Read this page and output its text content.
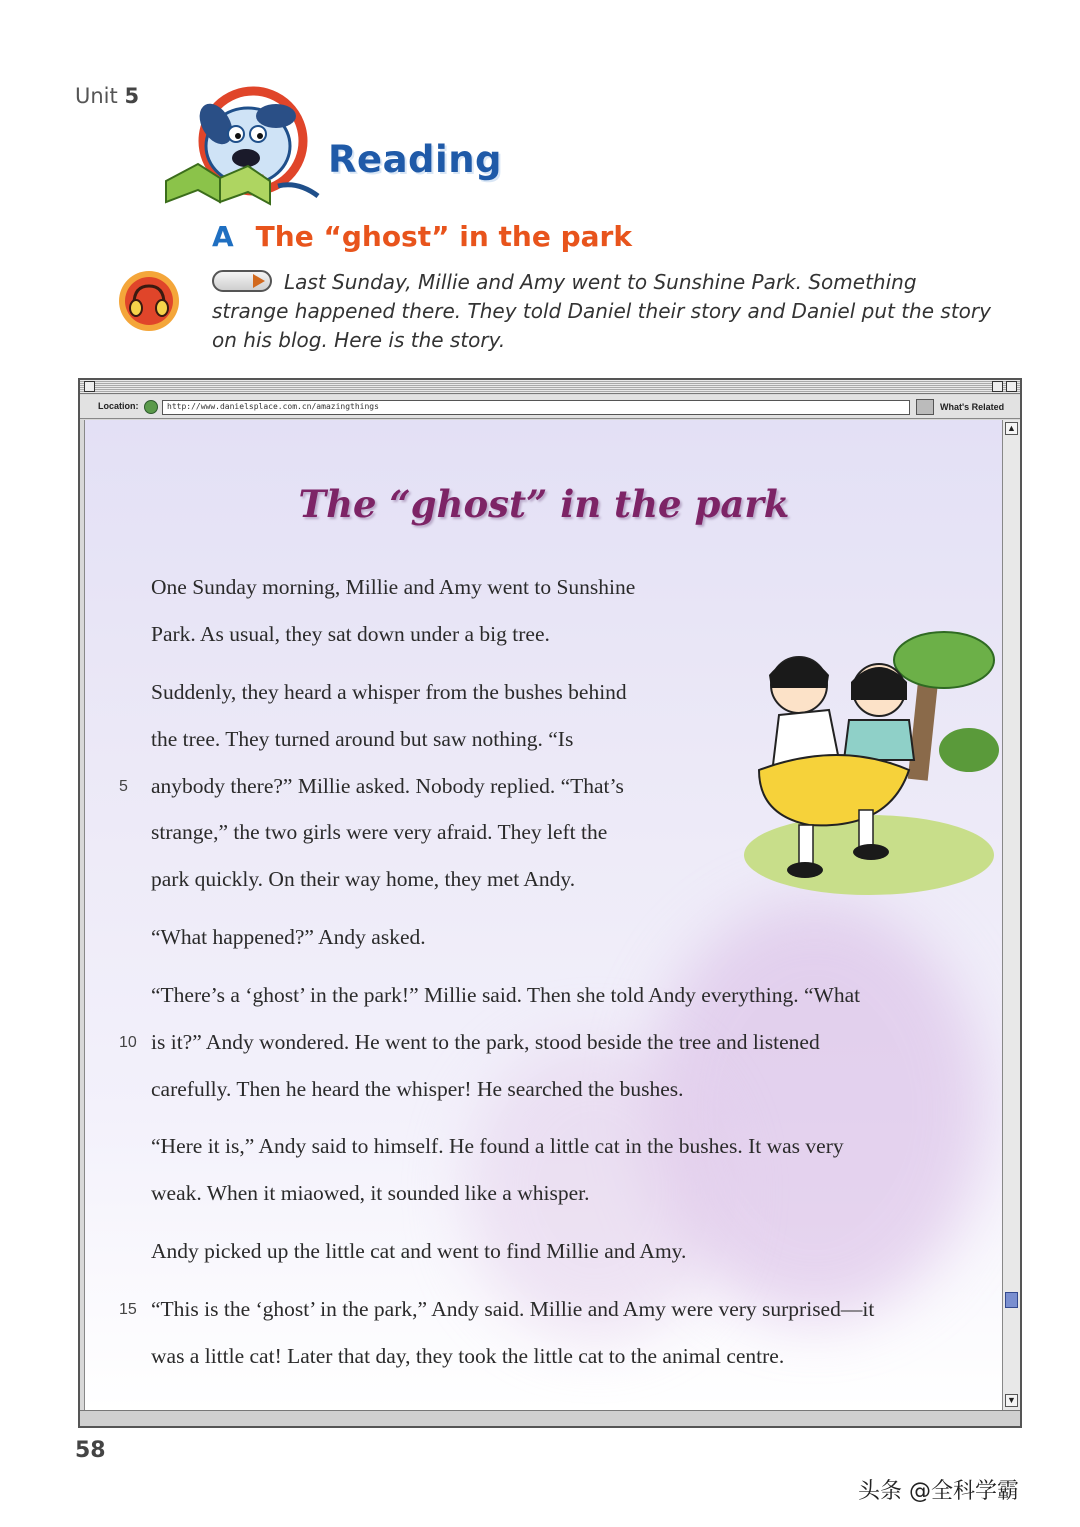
Unit 5
Reading
A The “ghost” in the park
Last Sunday, Millie and Amy went to Sunshine Park. Something strange happened there. They told Daniel their story and Daniel put the story on his blog. Here is the story.
Location:	http://www.danielsplace.com.cn/amazingthings	What's Related
The “ghost” in the park
One Sunday morning, Millie and Amy went to Sunshine
Park. As usual, they sat down under a big tree.
Suddenly, they heard a whisper from the bushes behind
the tree. They turned around but saw nothing. “Is
anybody there?” Millie asked. Nobody replied. “That’s
5
strange,” the two girls were very afraid. They left the
park quickly. On their way home, they met Andy.
“What happened?” Andy asked.
“There’s a ‘ghost’ in the park!” Millie said. Then she told Andy everything. “What
is it?” Andy wondered. He went to the park, stood beside the tree and listened
10
carefully. Then he heard the whisper! He searched the bushes.
“Here it is,” Andy said to himself. He found a little cat in the bushes. It was very
weak. When it miaowed, it sounded like a whisper.
Andy picked up the little cat and went to find Millie and Amy.
“This is the ‘ghost’ in the park,” Andy said. Millie and Amy were very surprised—it
15
was a little cat! Later that day, they took the little cat to the animal centre.
▲
▼
58
头条 @全科学霸
